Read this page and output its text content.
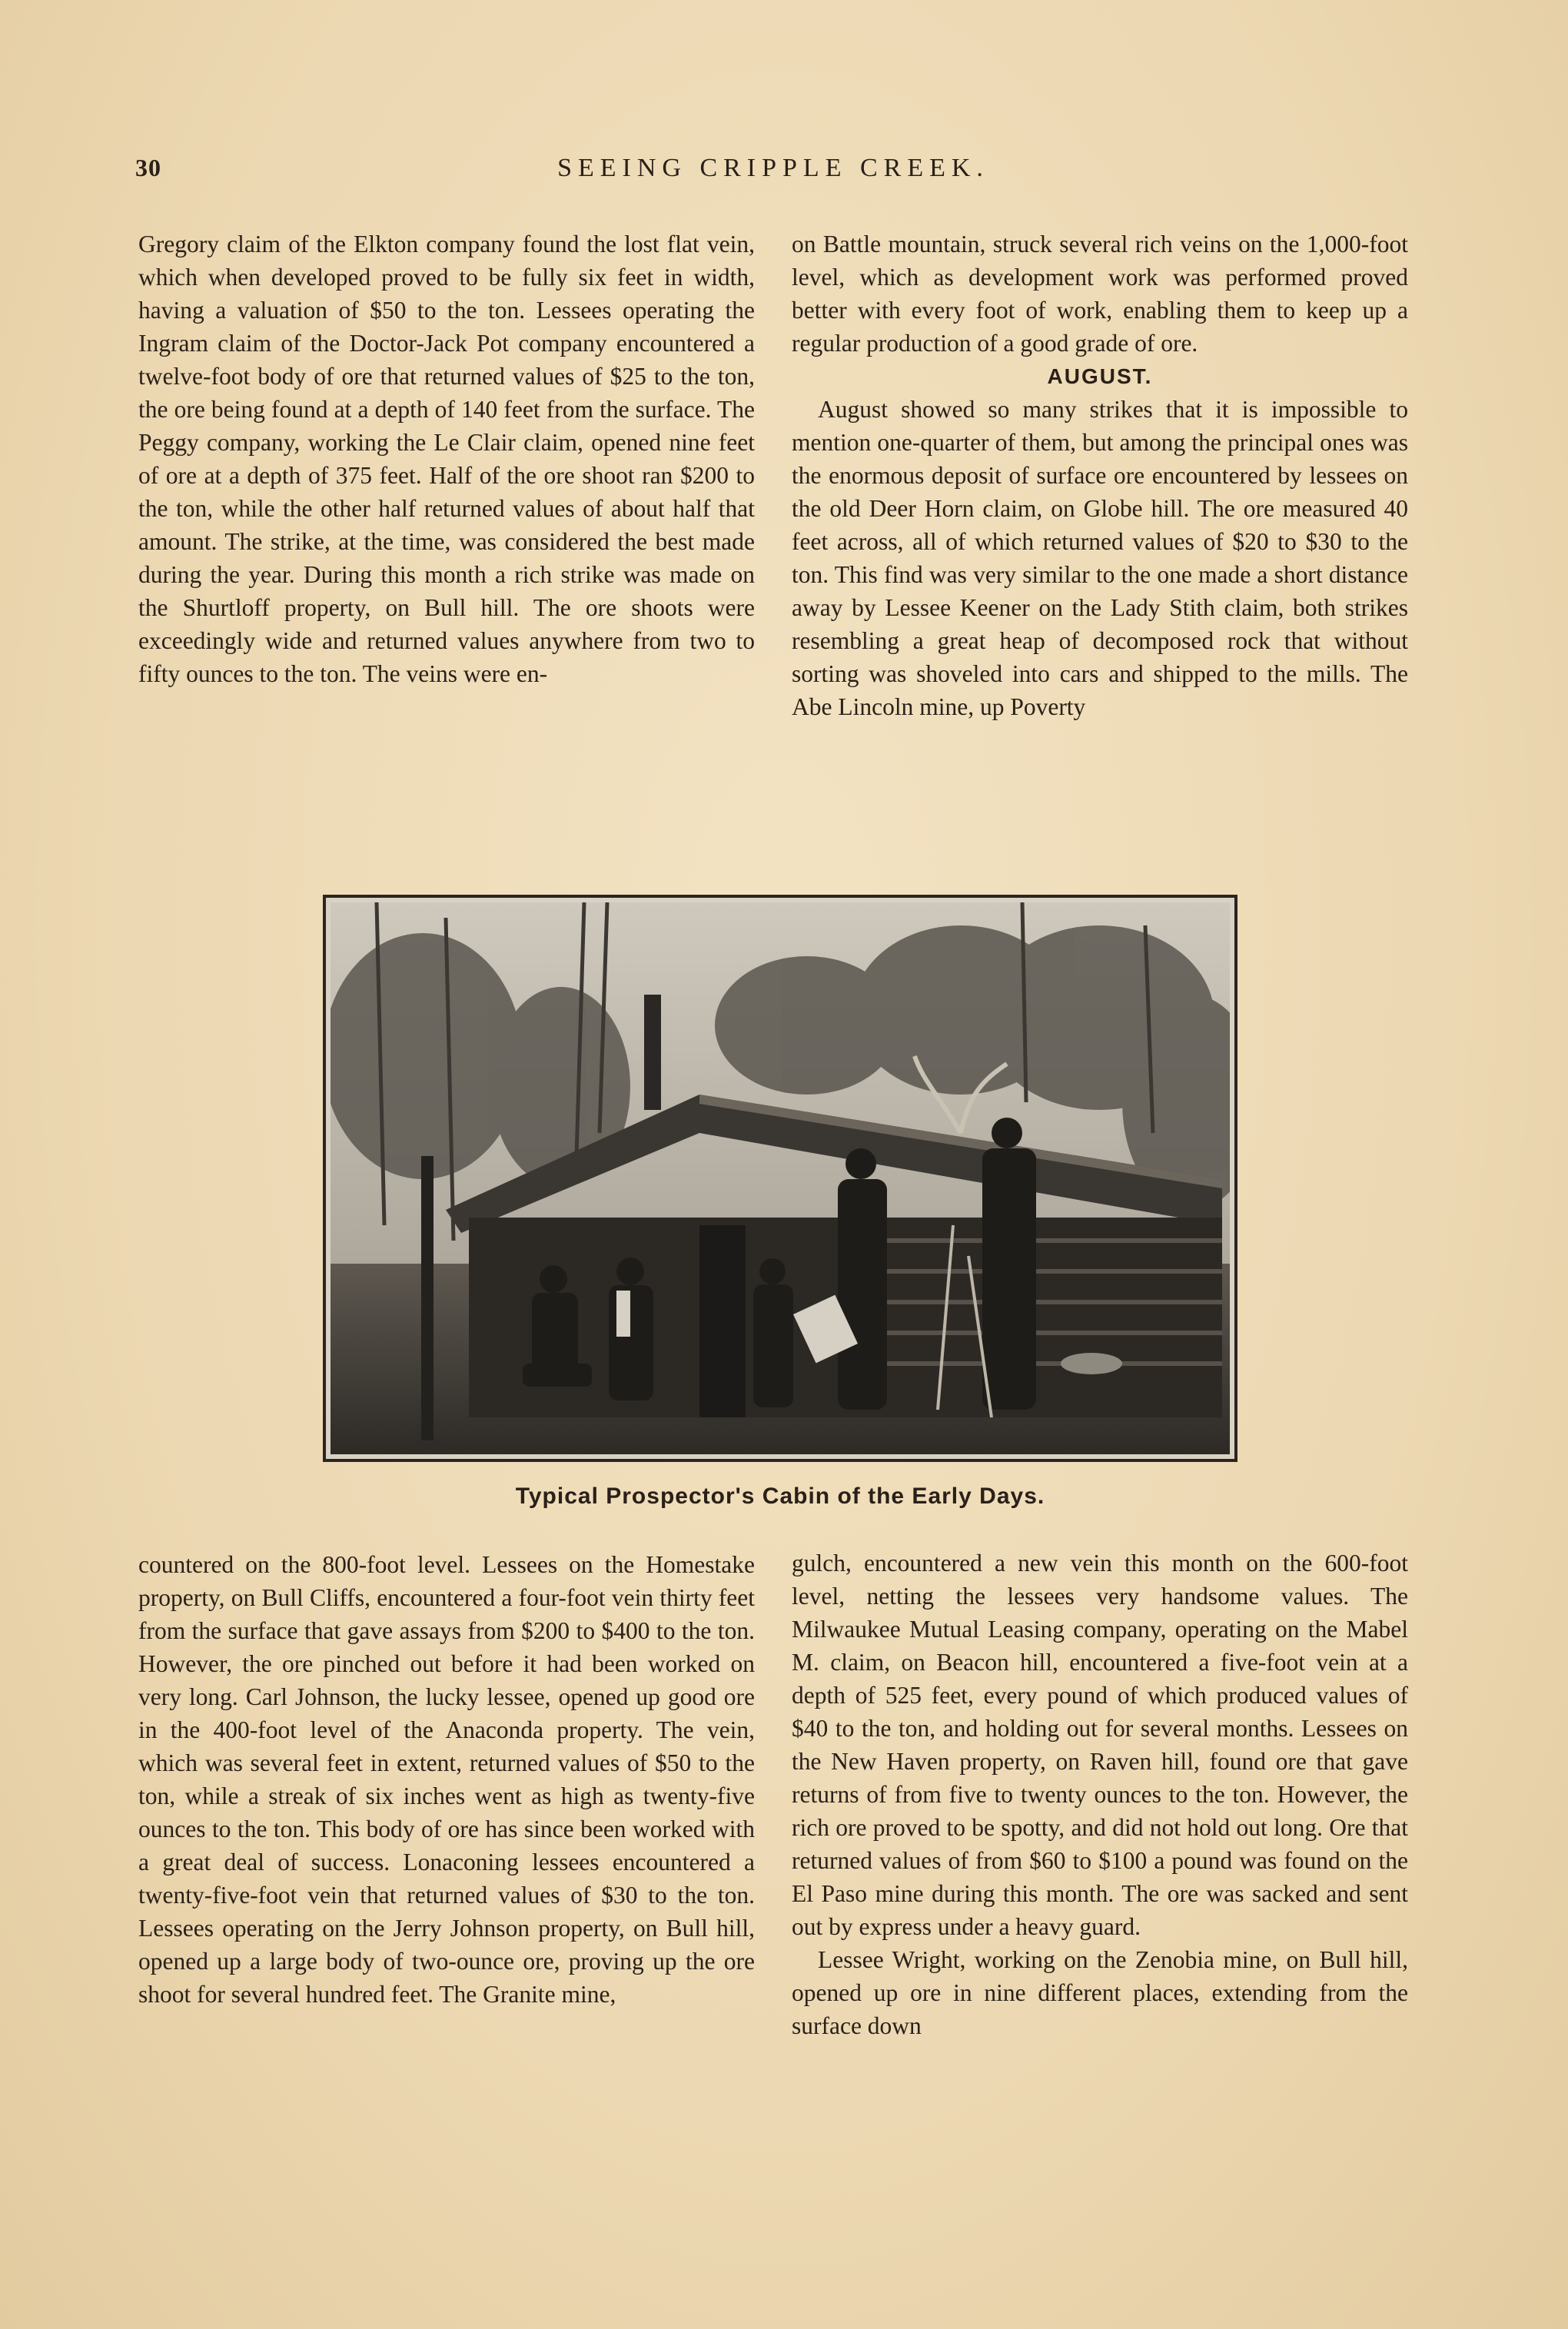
30	SEEING CRIPPLE CREEK.

Gregory claim of the Elkton company found the lost flat vein, which when developed proved to be fully six feet in width, having a valuation of $50 to the ton. Lessees operating the Ingram claim of the Doctor-Jack Pot company encountered a twelve-foot body of ore that returned values of $25 to the ton, the ore being found at a depth of 140 feet from the surface. The Peggy company, working the Le Clair claim, opened nine feet of ore at a depth of 375 feet. Half of the ore shoot ran $200 to the ton, while the other half returned values of about half that amount. The strike, at the time, was considered the best made during the year. During this month a rich strike was made on the Shurtloff property, on Bull hill. The ore shoots were exceedingly wide and returned values anywhere from two to fifty ounces to the ton. The veins were en-

on Battle mountain, struck several rich veins on the 1,000-foot level, which as development work was performed proved better with every foot of work, enabling them to keep up a regular production of a good grade of ore.

AUGUST.

August showed so many strikes that it is impossible to mention one-quarter of them, but among the principal ones was the enormous deposit of surface ore encountered by lessees on the old Deer Horn claim, on Globe hill. The ore measured 40 feet across, all of which returned values of $20 to $30 to the ton. This find was very similar to the one made a short distance away by Lessee Keener on the Lady Stith claim, both strikes resembling a great heap of decomposed rock that without sorting was shoveled into cars and shipped to the mills. The Abe Lincoln mine, up Poverty

Typical Prospector's Cabin of the Early Days.

countered on the 800-foot level. Lessees on the Homestake property, on Bull Cliffs, encountered a four-foot vein thirty feet from the surface that gave assays from $200 to $400 to the ton. However, the ore pinched out before it had been worked on very long. Carl Johnson, the lucky lessee, opened up good ore in the 400-foot level of the Anaconda property. The vein, which was several feet in extent, returned values of $50 to the ton, while a streak of six inches went as high as twenty-five ounces to the ton. This body of ore has since been worked with a great deal of success. Lonaconing lessees encountered a twenty-five-foot vein that returned values of $30 to the ton. Lessees operating on the Jerry Johnson property, on Bull hill, opened up a large body of two-ounce ore, proving up the ore shoot for several hundred feet. The Granite mine,

gulch, encountered a new vein this month on the 600-foot level, netting the lessees very handsome values. The Milwaukee Mutual Leasing company, operating on the Mabel M. claim, on Beacon hill, encountered a five-foot vein at a depth of 525 feet, every pound of which produced values of $40 to the ton, and holding out for several months. Lessees on the New Haven property, on Raven hill, found ore that gave returns of from five to twenty ounces to the ton. However, the rich ore proved to be spotty, and did not hold out long. Ore that returned values of from $60 to $100 a pound was found on the El Paso mine during this month. The ore was sacked and sent out by express under a heavy guard.

Lessee Wright, working on the Zenobia mine, on Bull hill, opened up ore in nine different places, extending from the surface down
